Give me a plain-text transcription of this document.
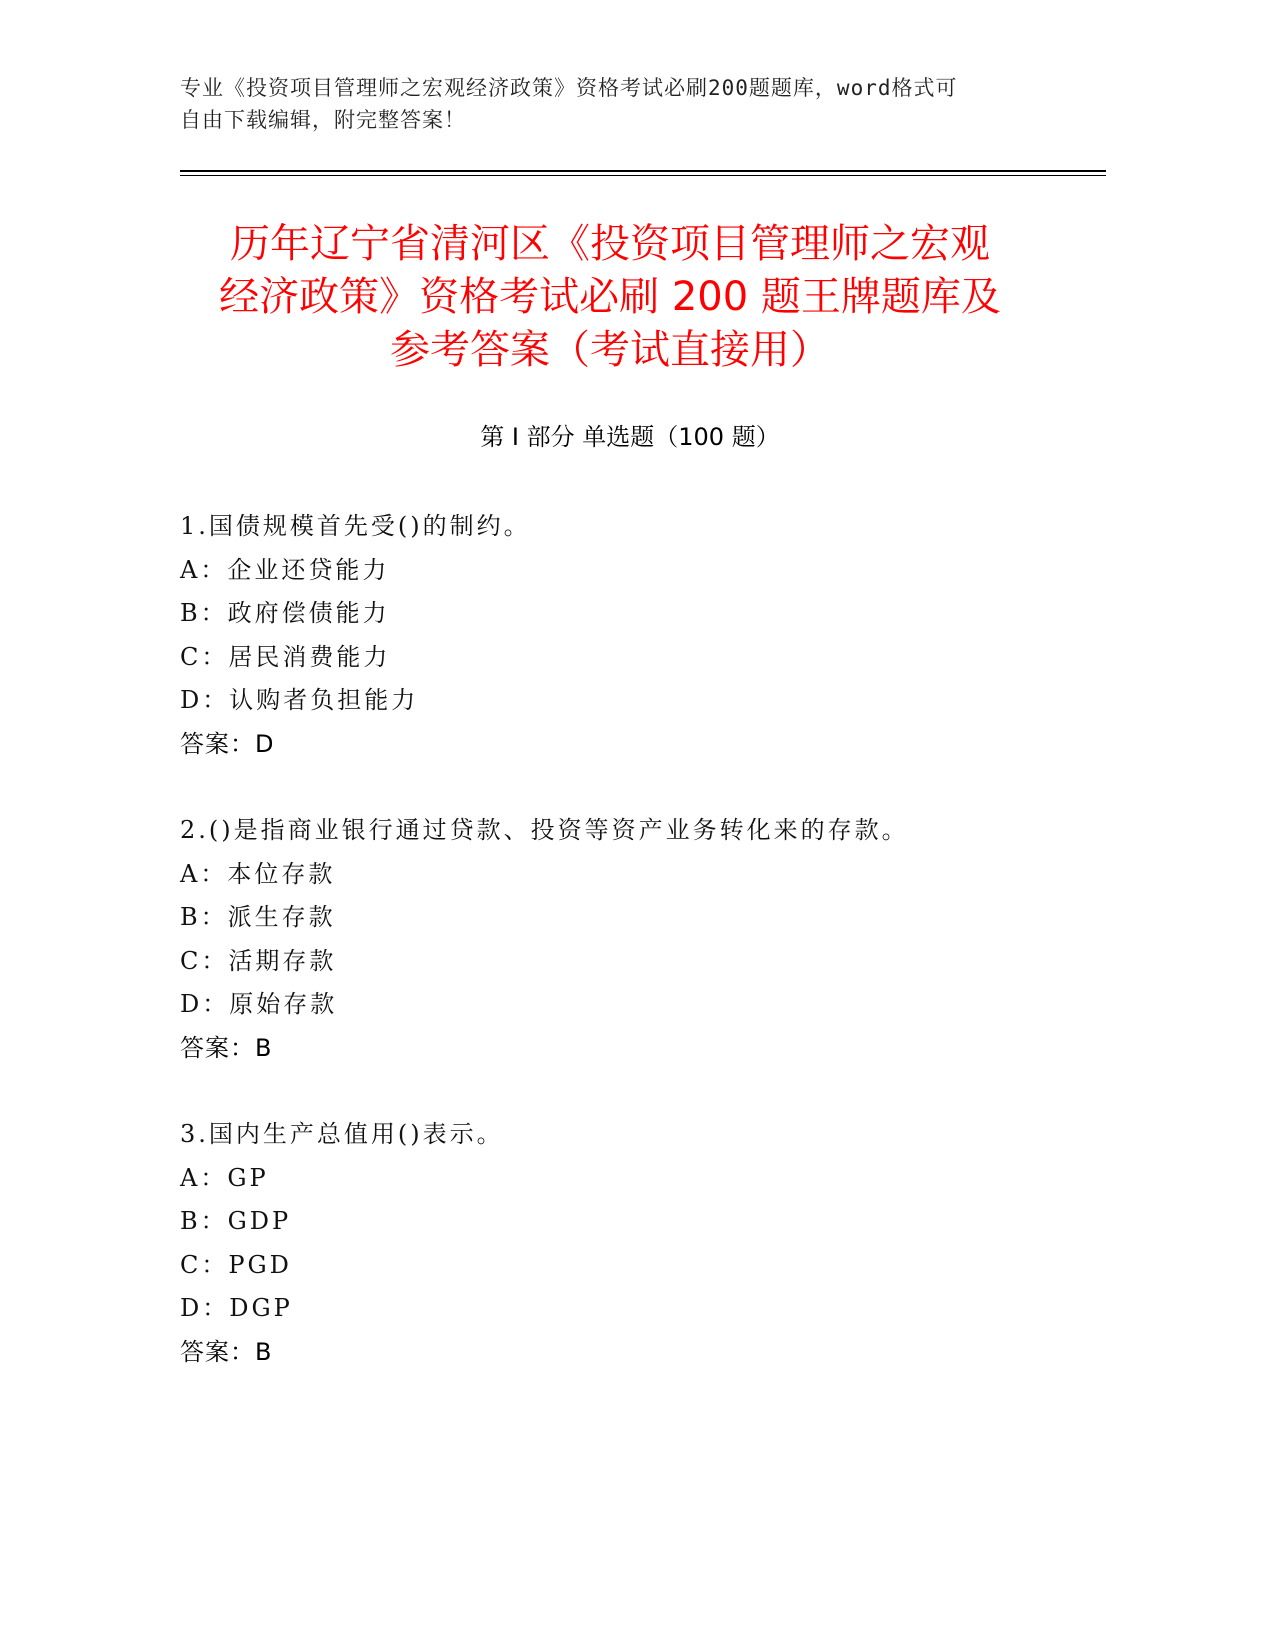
专业《投资项目管理师之宏观经济政策》资格考试必刷200题题库，word格式可
自由下载编辑，附完整答案！
历年辽宁省清河区《投资项目管理师之宏观
经济政策》资格考试必刷 200 题王牌题库及
参考答案（考试直接用）
第 I 部分 单选题（100 题）
1.国债规模首先受()的制约。
A：企业还贷能力
B：政府偿债能力
C：居民消费能力
D：认购者负担能力
答案：D
2.()是指商业银行通过贷款、投资等资产业务转化来的存款。
A：本位存款
B：派生存款
C：活期存款
D：原始存款
答案：B
3.国内生产总值用()表示。
A：GP
B：GDP
C：PGD
D：DGP
答案：B
